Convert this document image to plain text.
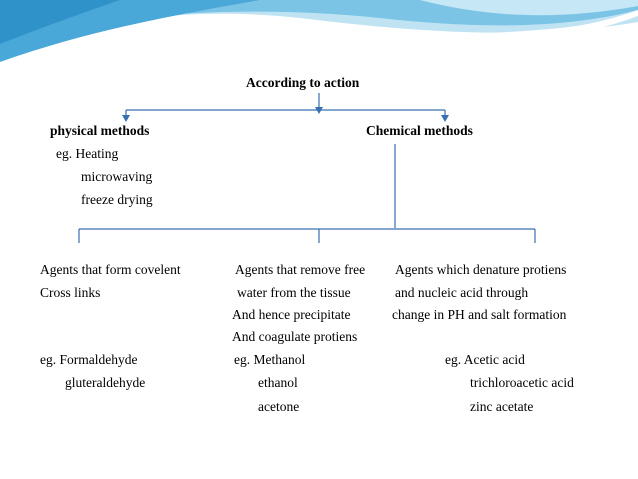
According to action
physical methods
eg. Heating
microwaving
freeze drying
Chemical methods
Agents that form covelent
Cross links
eg. Formaldehyde
gluteraldehyde
Agents that remove free
water from the tissue
And hence precipitate
And coagulate protiens
eg. Methanol
ethanol
acetone
Agents which denature protiens
and nucleic acid through
change in PH and salt formation
eg. Acetic acid
trichloroacetic acid
zinc acetate
